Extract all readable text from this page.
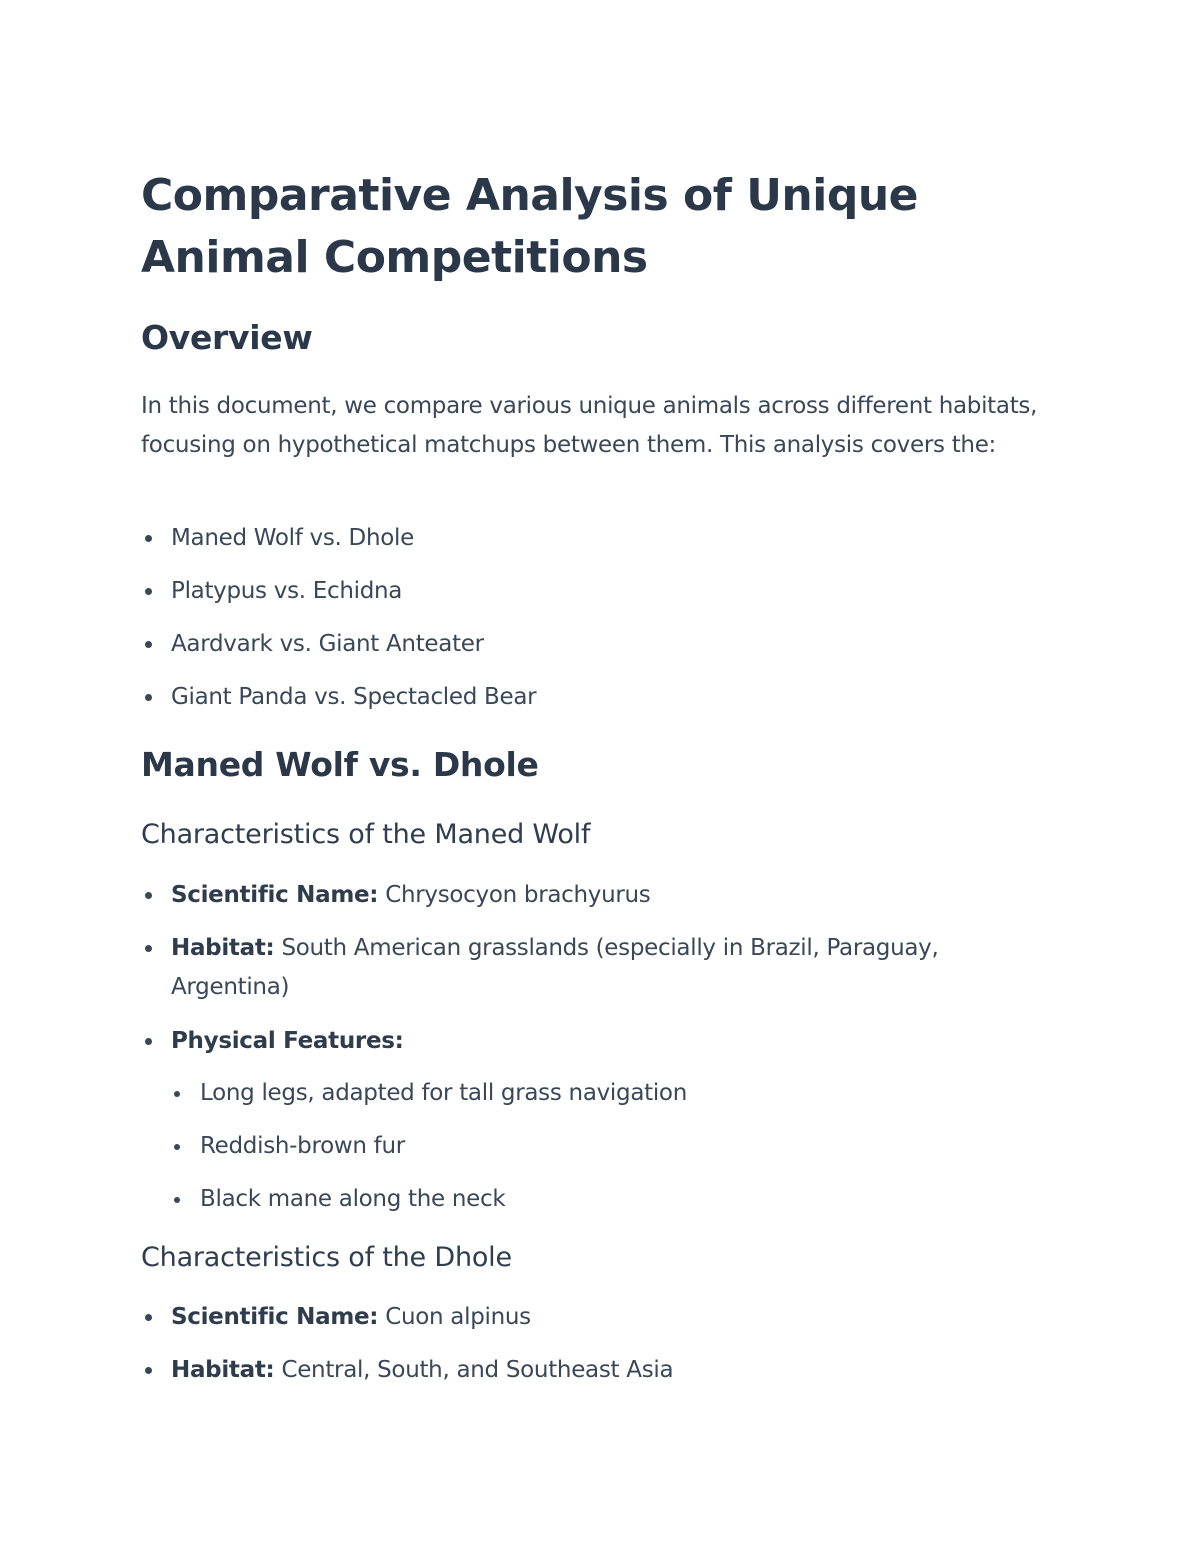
Comparative Analysis of Unique Animal Competitions
Overview

In this document, we compare various unique animals across different habitats, focusing on hypothetical matchups between them. This analysis covers the:

Maned Wolf vs. Dhole
Platypus vs. Echidna
Aardvark vs. Giant Anteater
Giant Panda vs. Spectacled Bear
Maned Wolf vs. Dhole
Characteristics of the Maned Wolf
Scientific Name: Chrysocyon brachyurus
Habitat: South American grasslands (especially in Brazil, Paraguay, Argentina)
Physical Features:
Long legs, adapted for tall grass navigation
Reddish-brown fur
Black mane along the neck
Characteristics of the Dhole
Scientific Name: Cuon alpinus
Habitat: Central, South, and Southeast Asia
